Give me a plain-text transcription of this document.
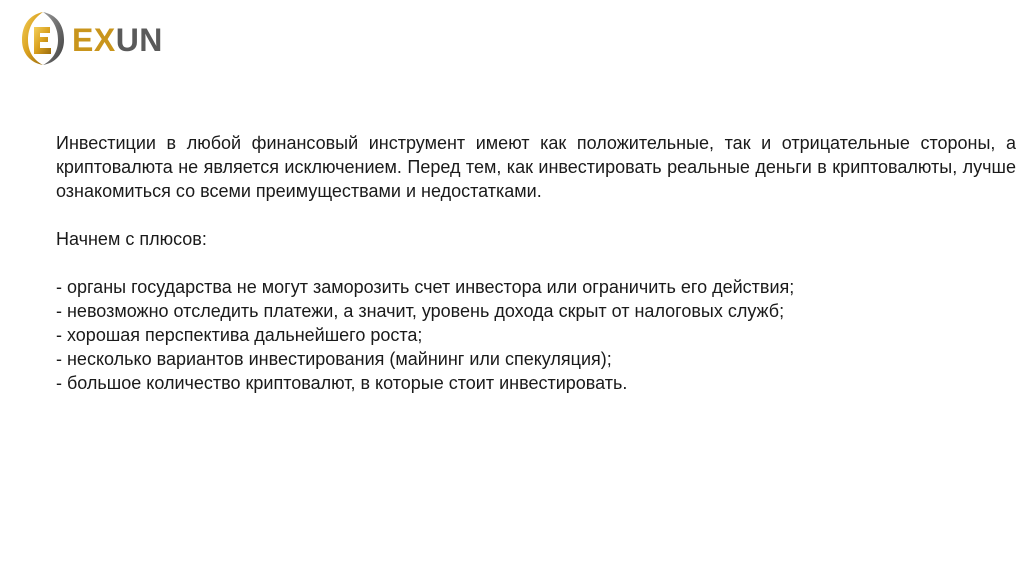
EXUN

Инвестиции в любой финансовый инструмент имеют как положительные, так и отрицательные стороны, а криптовалюта не является исключением. Перед тем, как инвестировать реальные деньги в криптовалюты, лучше ознакомиться со всеми преимуществами и недостатками.

Начнем с плюсов:

- органы государства не могут заморозить счет инвестора или ограничить его действия;
- невозможно отследить платежи, а значит, уровень дохода скрыт от налоговых служб;
- хорошая перспектива дальнейшего роста;
- несколько вариантов инвестирования (майнинг или спекуляция);
- большое количество криптовалют, в которые стоит инвестировать.
